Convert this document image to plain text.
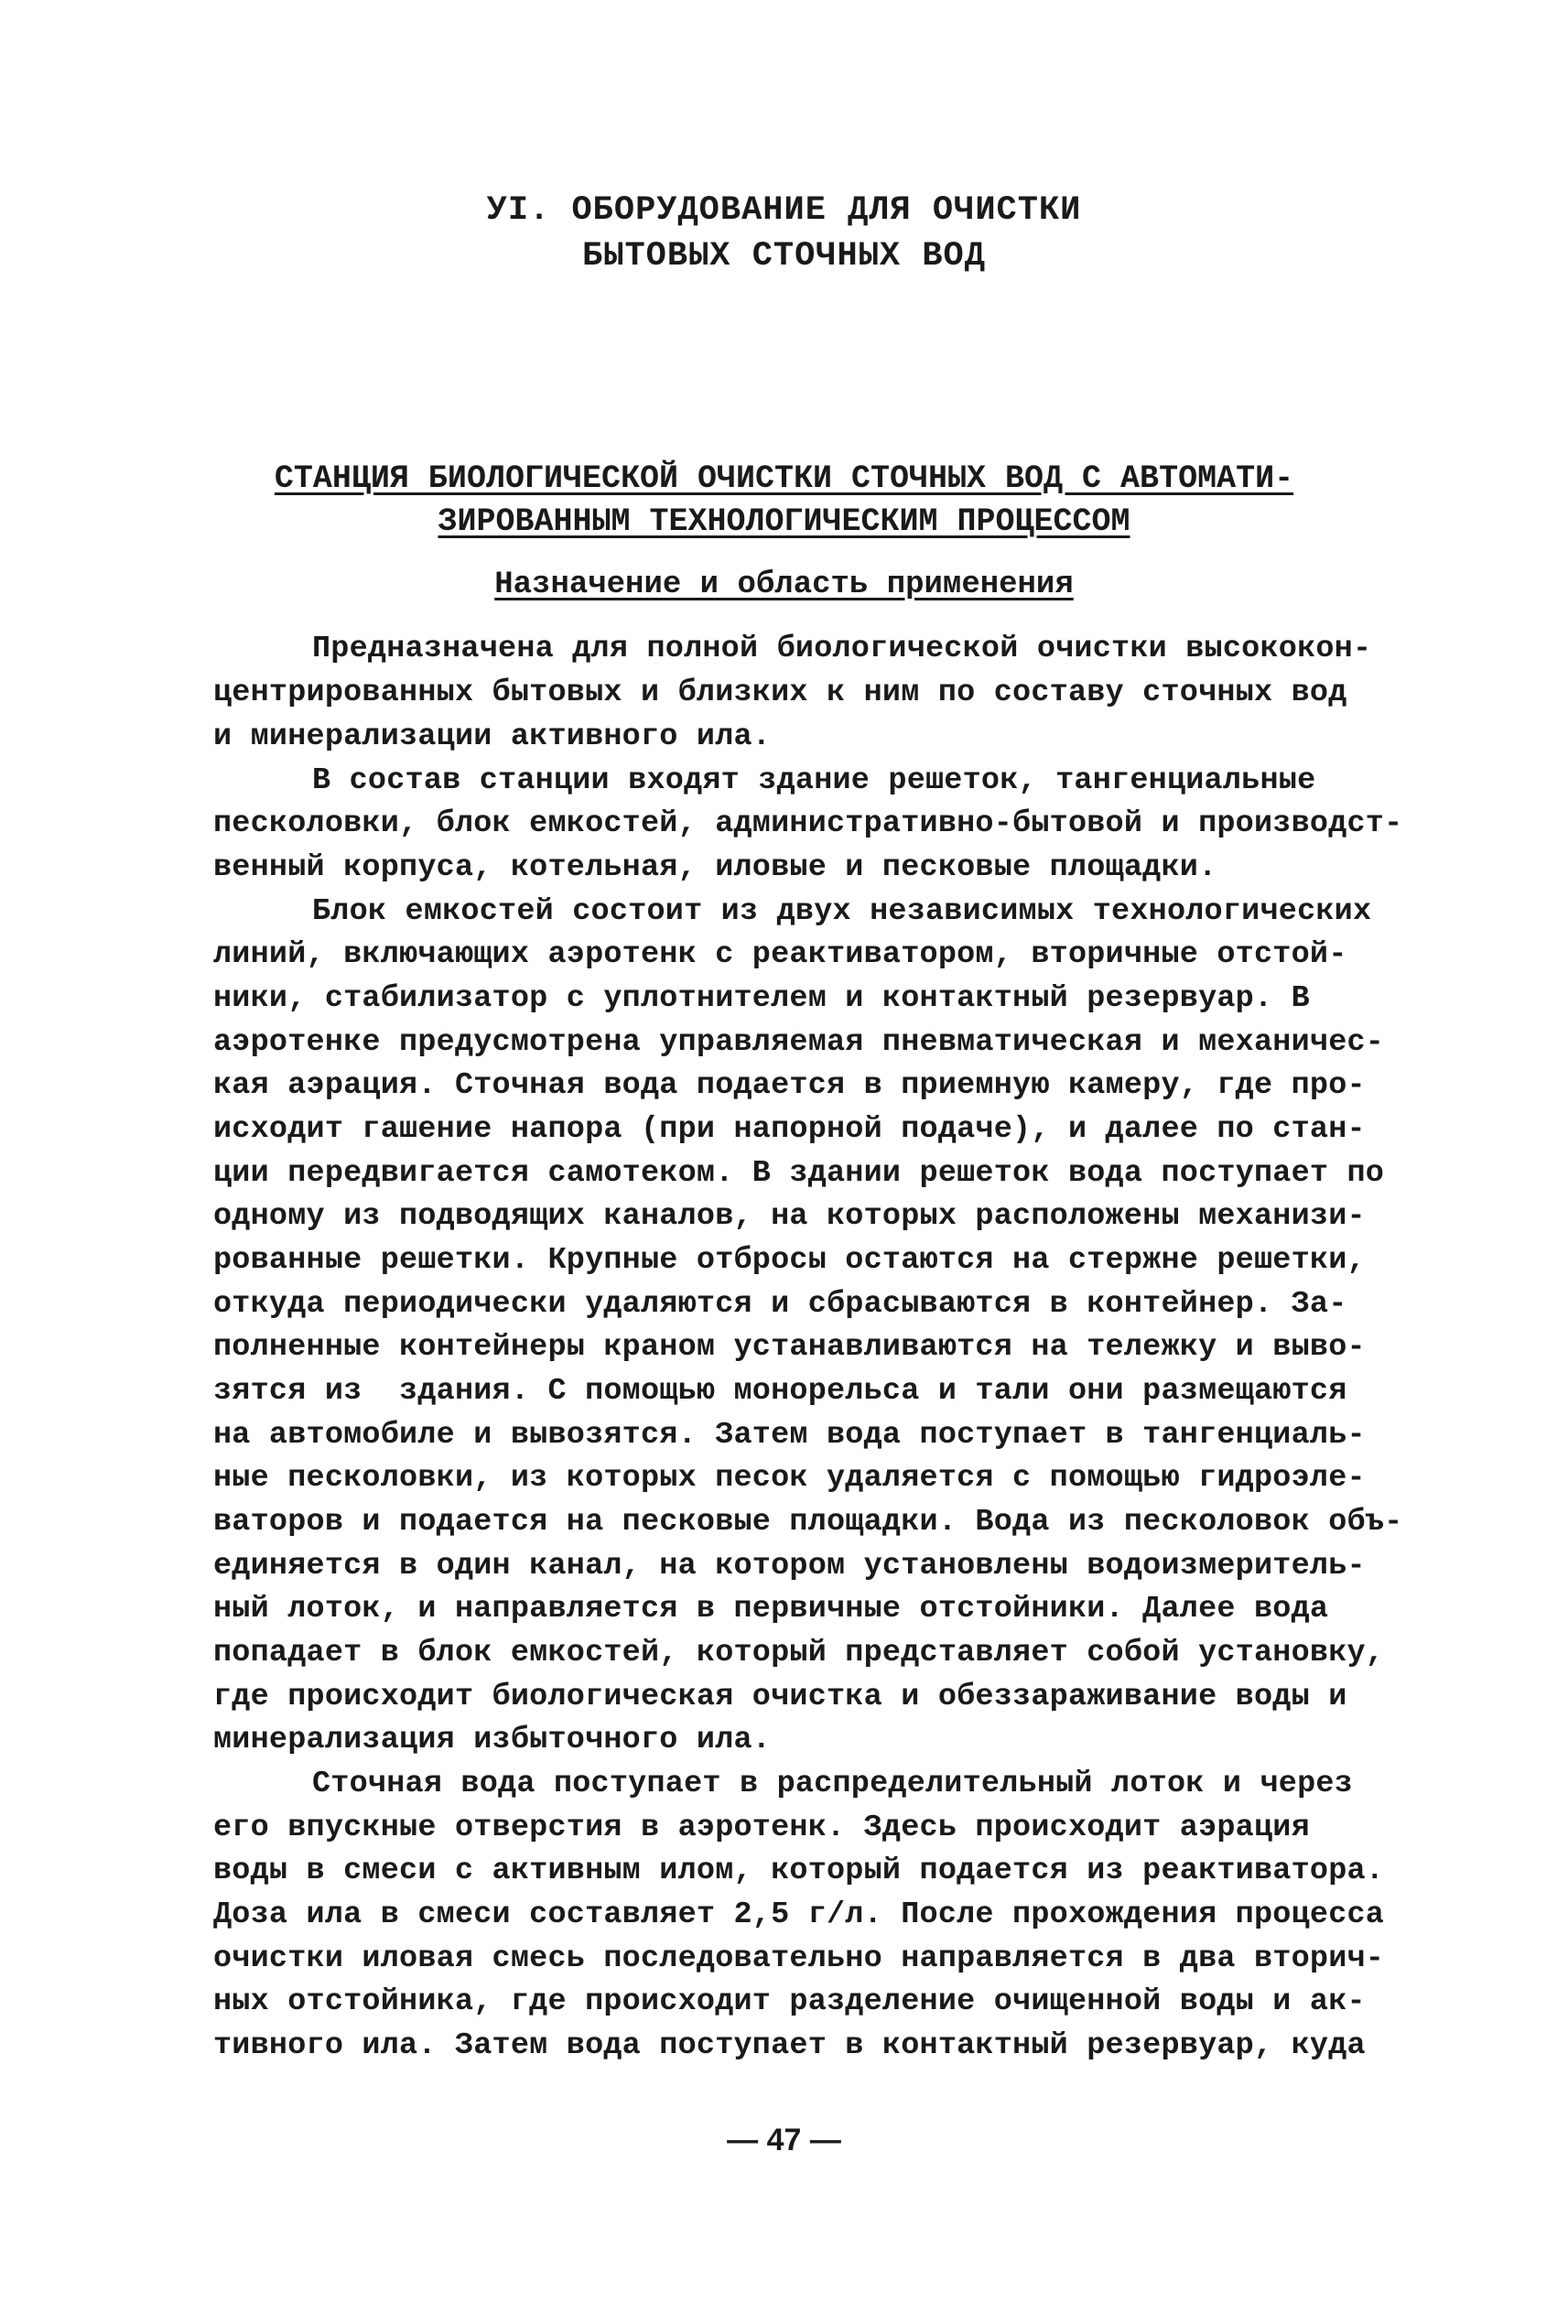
УI. ОБОРУДОВАНИЕ ДЛЯ ОЧИСТКИ
БЫТОВЫХ СТОЧНЫХ ВОД
СТАНЦИЯ БИОЛОГИЧЕСКОЙ ОЧИСТКИ СТОЧНЫХ ВОД С АВТОМАТИ-
ЗИРОВАННЫМ ТЕХНОЛОГИЧЕСКИМ ПРОЦЕССОМ
Назначение и область применения
Предназначена для полной биологической очистки высококон-
центрированных бытовых и близких к ним по составу сточных вод
и минерализации активного ила.
В состав станции входят здание решеток, тангенциальные
песколовки, блок емкостей, административно-бытовой и производст-
венный корпуса, котельная, иловые и песковые площадки.
Блок емкостей состоит из двух независимых технологических
линий, включающих аэротенк с реактиватором, вторичные отстой-
ники, стабилизатор с уплотнителем и контактный резервуар. В
аэротенке предусмотрена управляемая пневматическая и механичес-
кая аэрация. Сточная вода подается в приемную камеру, где про-
исходит гашение напора (при напорной подаче), и далее по стан-
ции передвигается самотеком. В здании решеток вода поступает по
одному из подводящих каналов, на которых расположены механизи-
рованные решетки. Крупные отбросы остаются на стержне решетки,
откуда периодически удаляются и сбрасываются в контейнер. За-
полненные контейнеры краном устанавливаются на тележку и выво-
зятся из  здания. С помощью монорельса и тали они размещаются
на автомобиле и вывозятся. Затем вода поступает в тангенциаль-
ные песколовки, из которых песок удаляется с помощью гидроэле-
ваторов и подается на песковые площадки. Вода из песколовок объ-
единяется в один канал, на котором установлены водоизмеритель-
ный лоток, и направляется в первичные отстойники. Далее вода
попадает в блок емкостей, который представляет собой установку,
где происходит биологическая очистка и обеззараживание воды и
минерализация избыточного ила.
Сточная вода поступает в распределительный лоток и через
его впускные отверстия в аэротенк. Здесь происходит аэрация
воды в смеси с активным илом, который подается из реактиватора.
Доза ила в смеси составляет 2,5 г/л. После прохождения процесса
очистки иловая смесь последовательно направляется в два вторич-
ных отстойника, где происходит разделение очищенной воды и ак-
тивного ила. Затем вода поступает в контактный резервуар, куда
— 47 —
